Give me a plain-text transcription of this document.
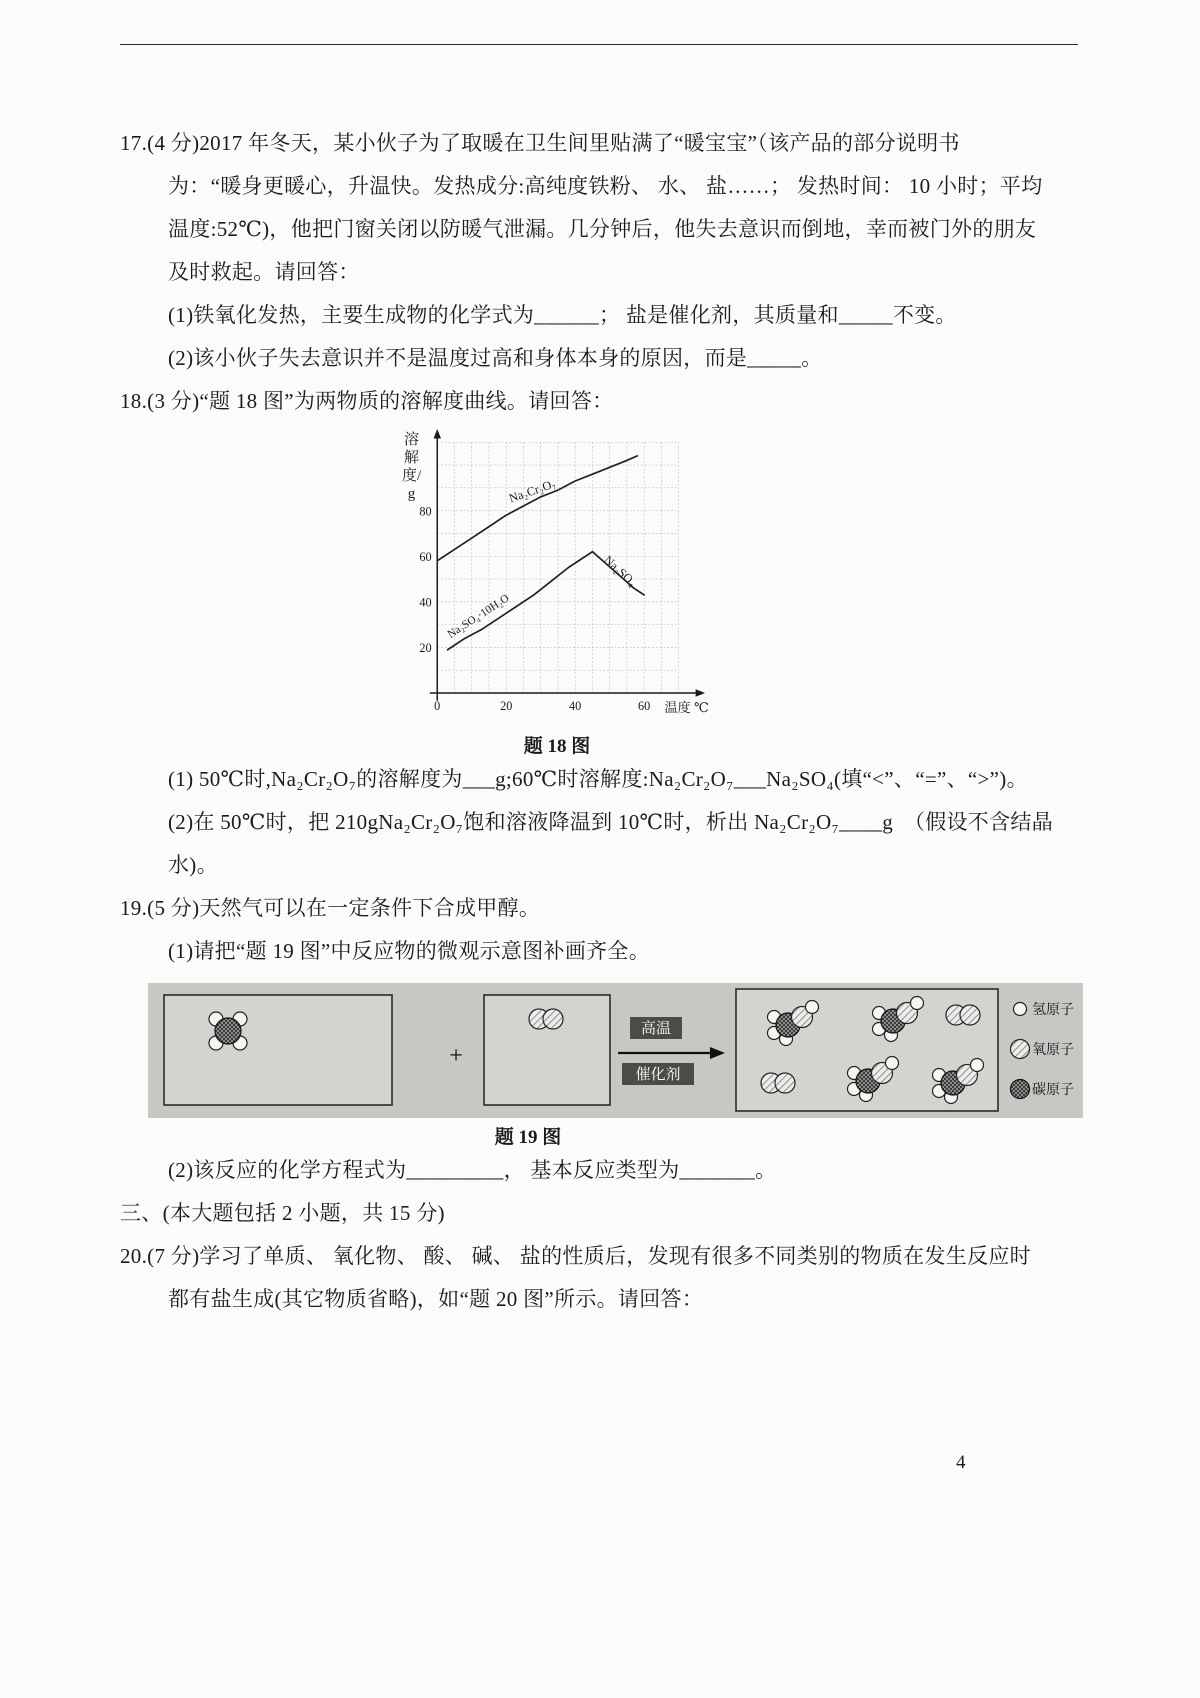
17.(4 分)2017 年冬天，某小伙子为了取暖在卫生间里贴满了“暖宝宝”（该产品的部分说明书

为：“暖身更暖心，升温快。发热成分:高纯度铁粉、 水、 盐……； 发热时间： 10 小时；平均

温度:52℃)，他把门窗关闭以防暖气泄漏。几分钟后，他失去意识而倒地，幸而被门外的朋友

及时救起。请回答：

(1)铁氧化发热，主要生成物的化学式为______； 盐是催化剂，其质量和_____不变。

(2)该小伙子失去意识并不是温度过高和身体本身的原因，而是_____。

18.(3 分)“题 18 图”为两物质的溶解度曲线。请回答：

溶解度/g
0	20	40	60
20
40
60
80
Na₂Cr₂O₇
Na₂SO₄·10H₂O
Na₂SO₄
温度 ℃
题 18 图

(1) 50℃时,Na₂Cr₂O₇的溶解度为___g;60℃时溶解度:Na₂Cr₂O₇___Na₂SO₄(填“<”、“=”、“>”)。

(2)在 50℃时，把 210gNa₂Cr₂O₇饱和溶液降温到 10℃时，析出 Na₂Cr₂O₇____g　（假设不含结晶

水)。

19.(5 分)天然气可以在一定条件下合成甲醇。

(1)请把“题 19 图”中反应物的微观示意图补画齐全。

+
高温
催化剂
氢原子
氧原子
碳原子
题 19 图

(2)该反应的化学方程式为_________， 基本反应类型为_______。

三、(本大题包括 2 小题，共 15 分)

20.(7 分)学习了单质、 氧化物、 酸、 碱、 盐的性质后，发现有很多不同类别的物质在发生反应时

都有盐生成(其它物质省略)，如“题 20 图”所示。请回答：

4
